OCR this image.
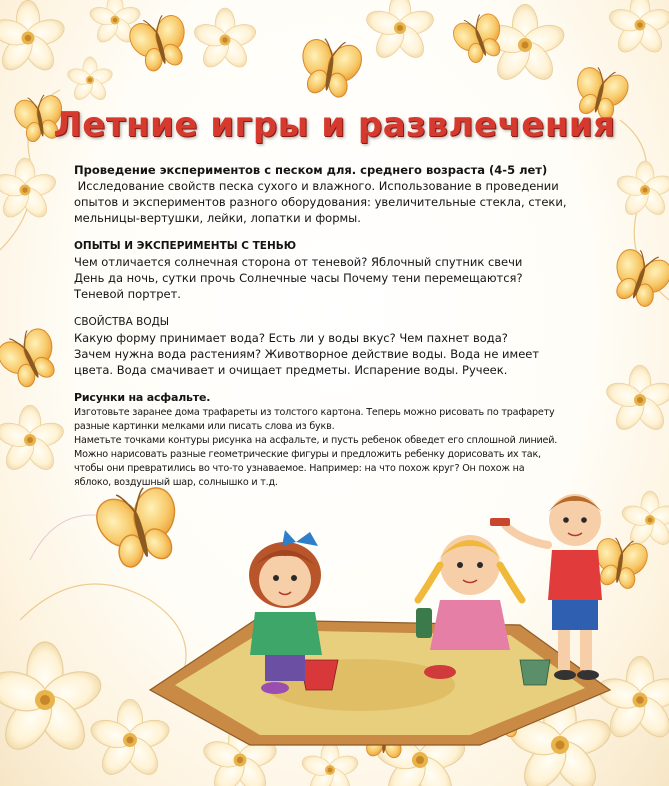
Летние игры и развлечения

Проведение экспериментов с песком для. среднего возраста (4-5 лет)

Исследование свойств песка сухого и влажного. Использование в проведении

опытов и экспериментов разного оборудования: увеличительные стекла, стеки,

мельницы-вертушки, лейки, лопатки и формы.

ОПЫТЫ И ЭКСПЕРИМЕНТЫ С ТЕНЬЮ

Чем отличается солнечная сторона от теневой? Яблочный спутник свечи

День да ночь, сутки прочь Солнечные часы Почему тени перемещаются?

Теневой портрет.

СВОЙСТВА ВОДЫ

Какую форму принимает вода? Есть ли у воды вкус? Чем пахнет вода?

Зачем нужна вода растениям? Животворное действие воды. Вода не имеет

цвета. Вода смачивает и очищает предметы. Испарение воды. Ручеек.

Рисунки на асфальте.

Изготовьте заранее дома трафареты из толстого картона. Теперь можно рисовать по трафарету

разные картинки мелками или писать слова из букв.

Наметьте точками контуры рисунка на асфальте, и пусть ребенок обведет его сплошной линией.

Можно нарисовать разные геометрические фигуры и предложить ребенку дорисовать их так,

чтобы они превратились во что-то узнаваемое. Например: на что похож круг? Он похож на

яблоко, воздушный шар, солнышко и т.д.
